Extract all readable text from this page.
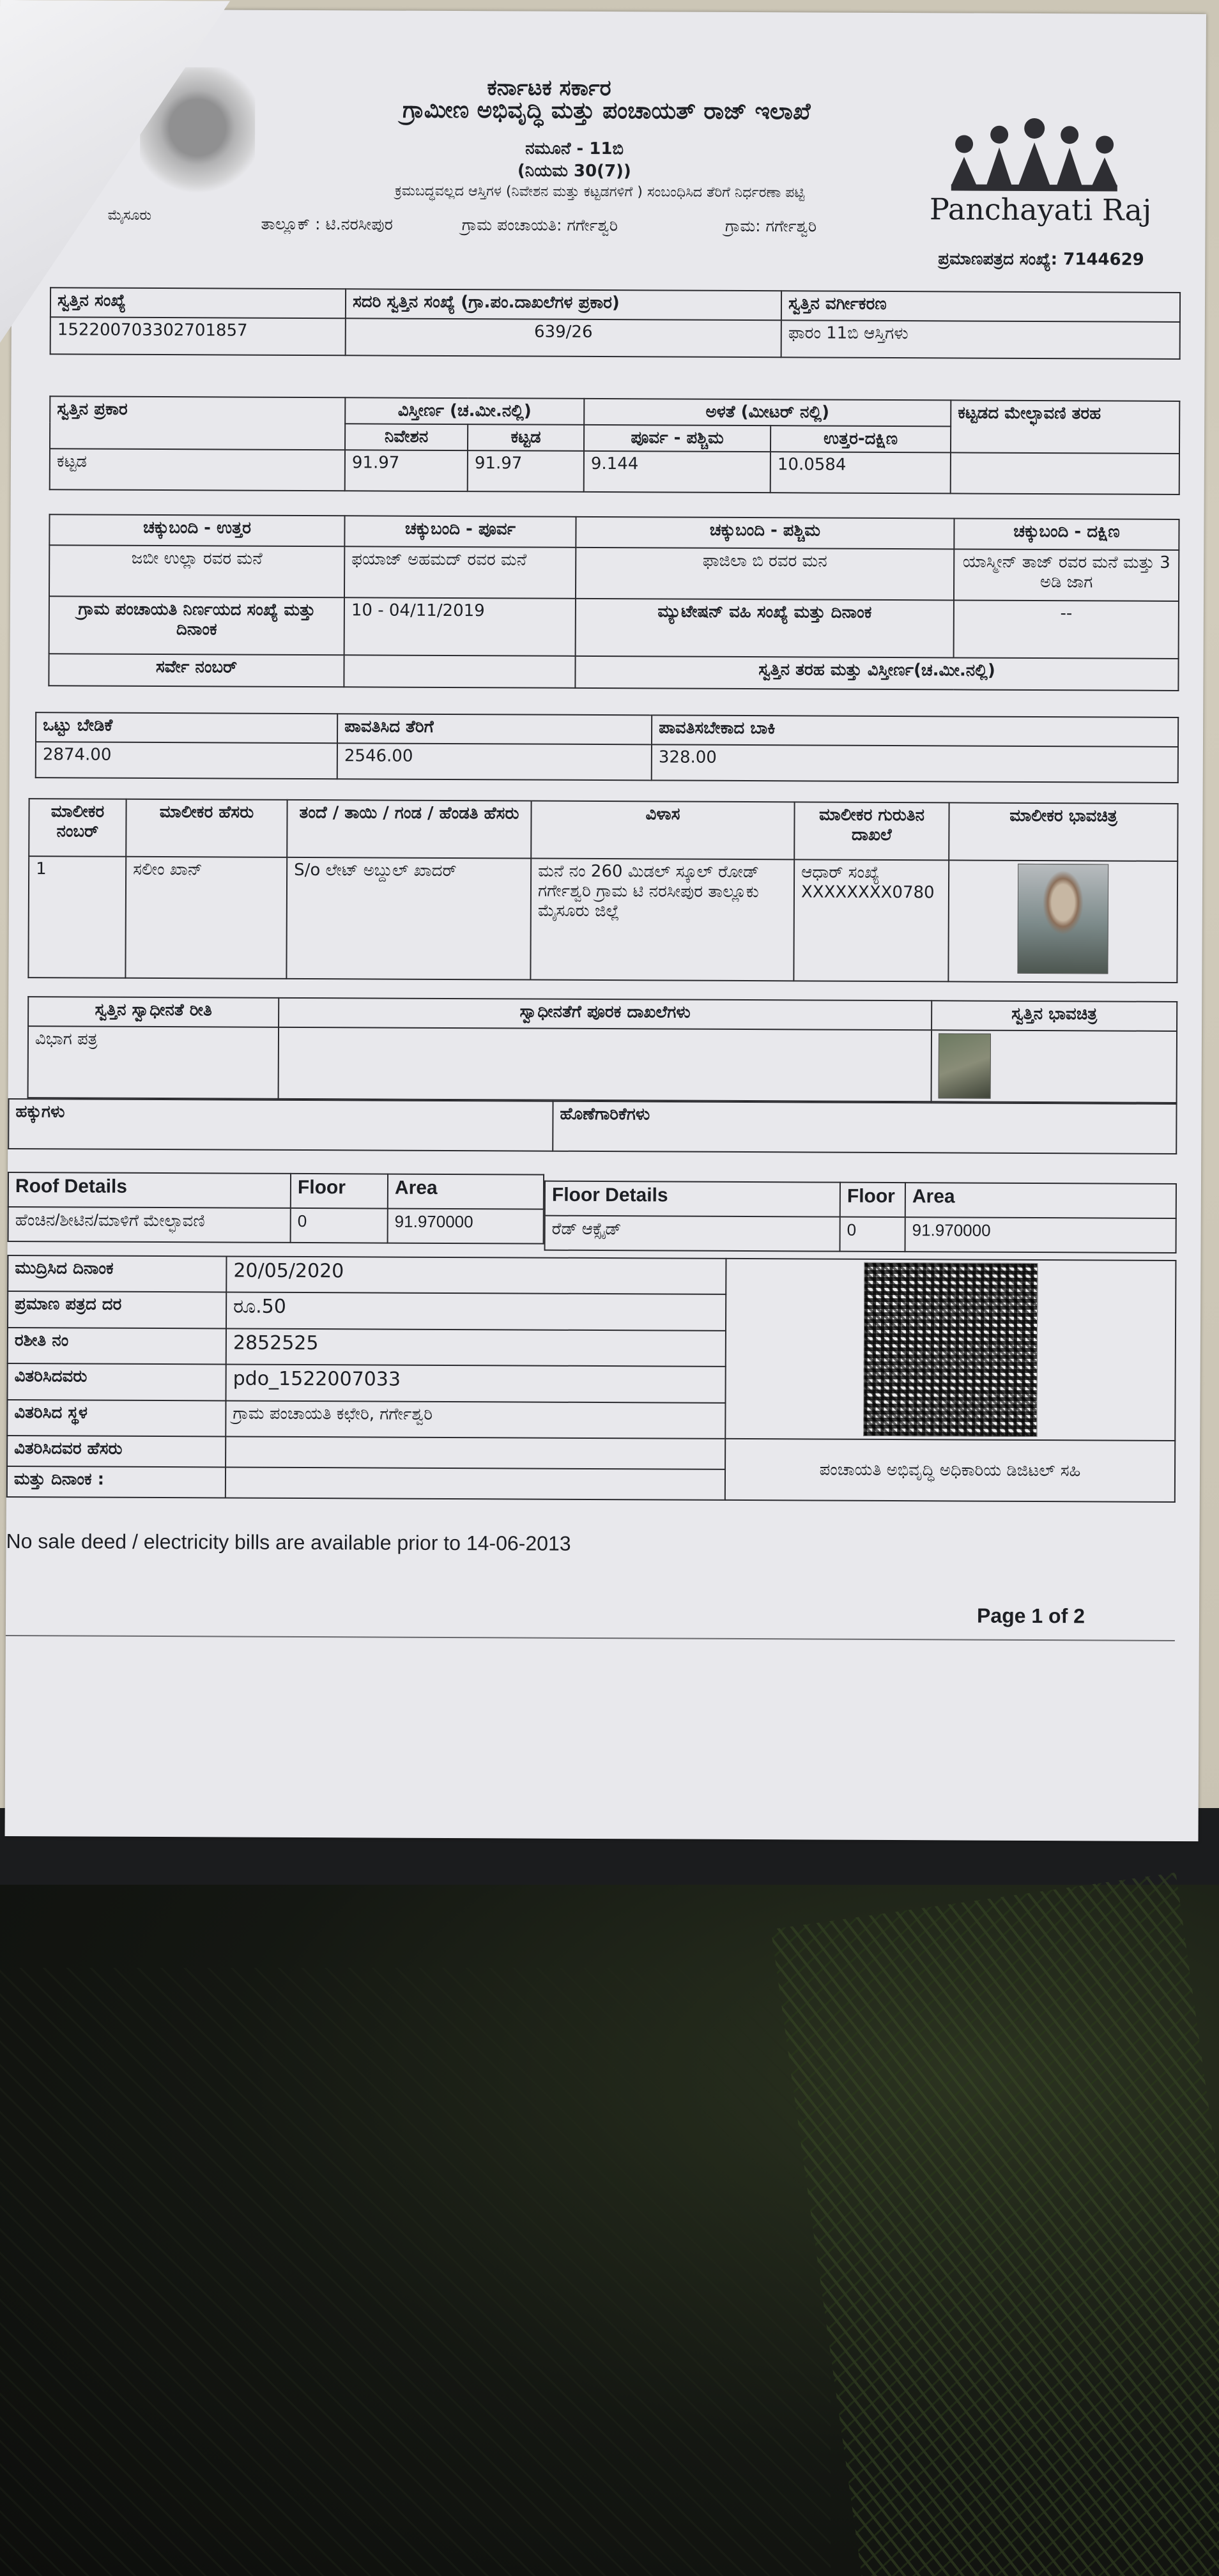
ಮೈಸೂರು
ಕರ್ನಾಟಕ ಸರ್ಕಾರ
ಗ್ರಾಮೀಣ ಅಭಿವೃದ್ಧಿ ಮತ್ತು ಪಂಚಾಯತ್ ರಾಜ್ ಇಲಾಖೆ
ನಮೂನೆ - 11ಬಿ
(ನಿಯಮ 30(7))
ಕ್ರಮಬದ್ಧವಲ್ಲದ ಆಸ್ತಿಗಳ (ನಿವೇಶನ ಮತ್ತು ಕಟ್ಟಡಗಳಿಗೆ ) ಸಂಬಂಧಿಸಿದ ತೆರಿಗೆ ನಿರ್ಧರಣಾ ಪಟ್ಟಿ
ತಾಲ್ಲೂಕ್ : ಟಿ.ನರಸೀಪುರ	ಗ್ರಾಮ ಪಂಚಾಯತಿ: ಗರ್ಗೇಶ್ವರಿ	ಗ್ರಾಮ: ಗರ್ಗೇಶ್ವರಿ	Panchayati Raj
ಪ್ರಮಾಣಪತ್ರದ ಸಂಖ್ಯೆ: 7144629
ಸ್ವತ್ತಿನ ಸಂಖ್ಯೆ	ಸದರಿ ಸ್ವತ್ತಿನ ಸಂಖ್ಯೆ (ಗ್ರಾ.ಪಂ.ದಾಖಲೆಗಳ ಪ್ರಕಾರ)	ಸ್ವತ್ತಿನ ವರ್ಗೀಕರಣ
152200703302701857	639/26	ಫಾರಂ 11ಬಿ ಆಸ್ತಿಗಳು
ಸ್ವತ್ತಿನ ಪ್ರಕಾರ	ವಿಸ್ತೀರ್ಣ (ಚ.ಮೀ.ನಲ್ಲಿ)		ಅಳತೆ (ಮೀಟರ್ ನಲ್ಲಿ)		ಕಟ್ಟಡದ ಮೇಲ್ಛಾವಣಿ ತರಹ
	ನಿವೇಶನ	ಕಟ್ಟಡ	ಪೂರ್ವ - ಪಶ್ಚಿಮ	ಉತ್ತರ-ದಕ್ಷಿಣ	
ಕಟ್ಟಡ	91.97	91.97	9.144	10.0584	
ಚಕ್ಕುಬಂದಿ - ಉತ್ತರ	ಚಕ್ಕುಬಂದಿ - ಪೂರ್ವ	ಚಕ್ಕುಬಂದಿ - ಪಶ್ಚಿಮ	ಚಕ್ಕುಬಂದಿ - ದಕ್ಷಿಣ
ಜಬೀ ಉಲ್ಲಾ ರವರ ಮನೆ	ಫಯಾಜ್ ಅಹಮದ್ ರವರ ಮನೆ	ಫಾಜಿಲಾ ಬಿ ರವರ ಮನ	ಯಾಸ್ಮೀನ್ ತಾಜ್ ರವರ ಮನೆ ಮತ್ತು 3 ಅಡಿ ಜಾಗ
ಗ್ರಾಮ ಪಂಚಾಯತಿ ನಿರ್ಣಯದ ಸಂಖ್ಯೆ ಮತ್ತು ದಿನಾಂಕ	10 - 04/11/2019	ಮ್ಯುಟೇಷನ್ ವಹಿ ಸಂಖ್ಯೆ ಮತ್ತು ದಿನಾಂಕ	--
ಸರ್ವೇ ನಂಬರ್		ಸ್ವತ್ತಿನ ತರಹ ಮತ್ತು ವಿಸ್ತೀರ್ಣ(ಚ.ಮೀ.ನಲ್ಲಿ)	
ಒಟ್ಟು ಬೇಡಿಕೆ	ಪಾವತಿಸಿದ ತೆರಿಗೆ	ಪಾವತಿಸಬೇಕಾದ ಬಾಕಿ
2874.00	2546.00	328.00
ಮಾಲೀಕರ ನಂಬರ್	ಮಾಲೀಕರ ಹೆಸರು	ತಂದೆ / ತಾಯಿ / ಗಂಡ / ಹೆಂಡತಿ ಹೆಸರು	ವಿಳಾಸ	ಮಾಲೀಕರ ಗುರುತಿನ ದಾಖಲೆ	ಮಾಲೀಕರ ಭಾವಚಿತ್ರ
1	ಸಲೀಂ ಖಾನ್	S/o ಲೇಟ್ ಅಬ್ದುಲ್ ಖಾದರ್	ಮನೆ ನಂ 260 ಮಿಡಲ್ ಸ್ಕೂಲ್ ರೋಡ್ ಗರ್ಗೇಶ್ವರಿ ಗ್ರಾಮ ಟಿ ನರಸೀಪುರ ತಾಲ್ಲೂಕು ಮೈಸೂರು ಜಿಲ್ಲೆ	ಆಧಾರ್ ಸಂಖ್ಯೆ
XXXXXXXX0780	

ಸ್ವತ್ತಿನ ಸ್ವಾಧೀನತೆ ರೀತಿ	ಸ್ವಾಧೀನತೆಗೆ ಪೂರಕ ದಾಖಲೆಗಳು	ಸ್ವತ್ತಿನ ಭಾವಚಿತ್ರ
ವಿಭಾಗ ಪತ್ರ		
ಹಕ್ಕುಗಳು	ಹೊಣೆಗಾರಿಕೆಗಳು
Roof Details	Floor	Area
ಹೆಂಚಿನ/ಶೀಟಿನ/ಮಾಳಿಗೆ ಮೇಲ್ಛಾವಣಿ	0	91.970000
Floor Details	Floor	Area
ರೆಡ್ ಆಕ್ಸೈಡ್	0	91.970000
ಮುದ್ರಿಸಿದ ದಿನಾಂಕ	20/05/2020	

ಪ್ರಮಾಣ ಪತ್ರದ ದರ	ರೂ.50	
ರಶೀತಿ ನಂ	2852525	
ವಿತರಿಸಿದವರು	pdo_1522007033	
ವಿತರಿಸಿದ ಸ್ಥಳ	ಗ್ರಾಮ ಪಂಚಾಯತಿ ಕಛೇರಿ, ಗರ್ಗೇಶ್ವರಿ	
ವಿತರಿಸಿದವರ ಹೆಸರು		ಪಂಚಾಯತಿ ಅಭಿವೃದ್ಧಿ ಅಧಿಕಾರಿಯ ಡಿಜಿಟಲ್ ಸಹಿ
ಮತ್ತು ದಿನಾಂಕ :		
No sale deed / electricity bills are available prior to 14-06-2013
Page 1 of 2
